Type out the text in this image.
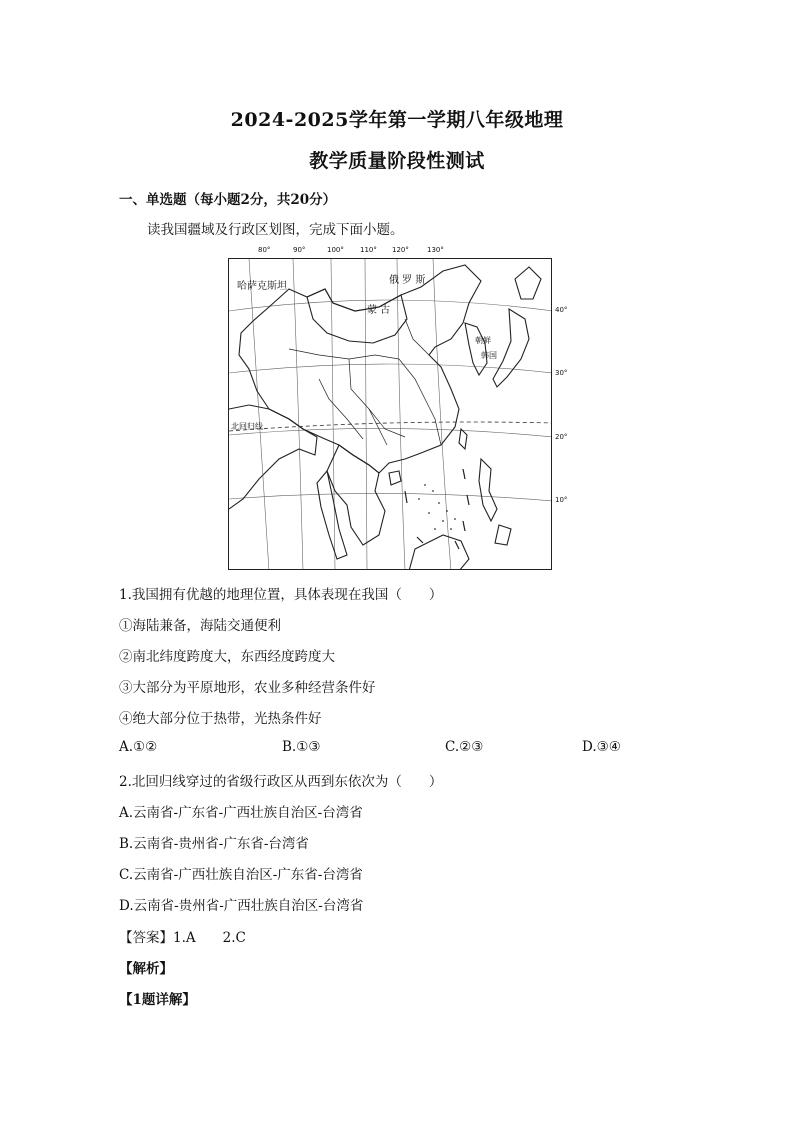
2024-2025学年第一学期八年级地理
教学质量阶段性测试
一、单选题（每小题2分，共20分）
读我国疆域及行政区划图，完成下面小题。
80°	90°	100° 110° 120°	130°
40°
30°
20°
10°
哈萨克斯坦
俄 罗 斯
蒙 古
朝鲜
韩国
北回归线
1.我国拥有优越的地理位置，具体表现在我国（　　）
①海陆兼备，海陆交通便利
②南北纬度跨度大，东西经度跨度大
③大部分为平原地形，农业多种经营条件好
④绝大部分位于热带，光热条件好
A.①②	B.①③	C.②③	D.③④
2.北回归线穿过的省级行政区从西到东依次为（　　）
A.云南省-广东省-广西壮族自治区-台湾省
B.云南省-贵州省-广东省-台湾省
C.云南省-广西壮族自治区-广东省-台湾省
D.云南省-贵州省-广西壮族自治区-台湾省
【答案】1.A　　2.C
【解析】
【1题详解】
